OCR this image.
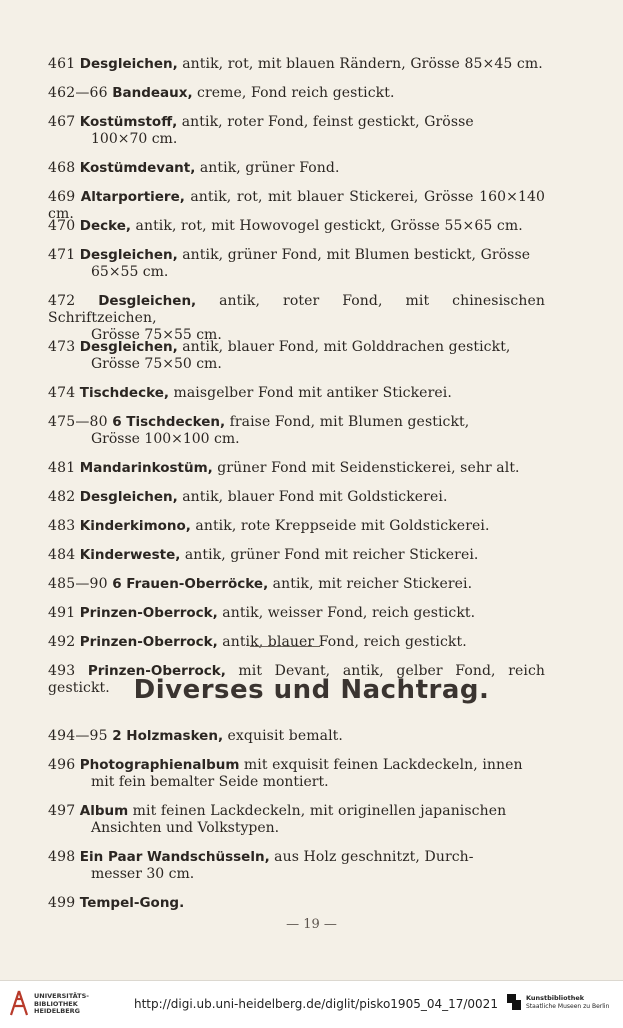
461 Desgleichen, antik, rot, mit blauen Rändern, Grösse 85×45 cm.
462—66 Bandeaux, creme, Fond reich gestickt.
467 Kostümstoff, antik, roter Fond, feinst gestickt, Grösse
100×70 cm.
468 Kostümdevant, antik, grüner Fond.
469 Altarportiere, antik, rot, mit blauer Stickerei, Grösse 160×140 cm.
470 Decke, antik, rot, mit Howovogel gestickt, Grösse 55×65 cm.
471 Desgleichen, antik, grüner Fond, mit Blumen bestickt, Grösse
65×55 cm.
472 Desgleichen, antik, roter Fond, mit chinesischen Schriftzeichen,
Grösse 75×55 cm.
473 Desgleichen, antik, blauer Fond, mit Golddrachen gestickt,
Grösse 75×50 cm.
474 Tischdecke, maisgelber Fond mit antiker Stickerei.
475—80 6 Tischdecken, fraise Fond, mit Blumen gestickt,
Grösse 100×100 cm.
481 Mandarinkostüm, grüner Fond mit Seidenstickerei, sehr alt.
482 Desgleichen, antik, blauer Fond mit Goldstickerei.
483 Kinderkimono, antik, rote Kreppseide mit Goldstickerei.
484 Kinderweste, antik, grüner Fond mit reicher Stickerei.
485—90 6 Frauen-Oberröcke, antik, mit reicher Stickerei.
491 Prinzen-Oberrock, antik, weisser Fond, reich gestickt.
492 Prinzen-Oberrock, antik, blauer Fond, reich gestickt.
493 Prinzen-Oberrock, mit Devant, antik, gelber Fond, reich gestickt. Diverses und Nachtrag.
494—95 2 Holzmasken, exquisit bemalt.
496 Photographienalbum mit exquisit feinen Lackdeckeln, innen
mit fein bemalter Seide montiert.
497 Album mit feinen Lackdeckeln, mit originellen japanischen
Ansichten und Volkstypen.
498 Ein Paar Wandschüsseln, aus Holz geschnitzt, Durch-
messer 30 cm.
499 Tempel-Gong.
— 19 —
UNIVERSITÄTS-
BIBLIOTHEK
HEIDELBERG	http://digi.ub.uni-heidelberg.de/diglit/pisko1905_04_17/0021	Kunstbibliothek
Staatliche Museen zu Berlin
